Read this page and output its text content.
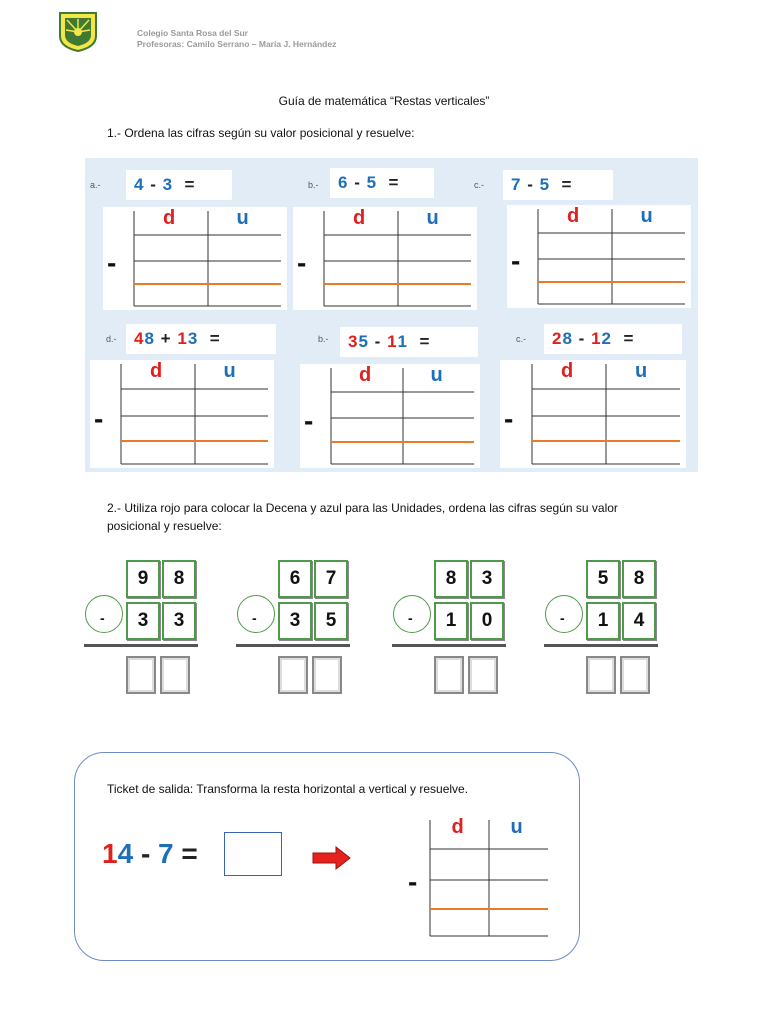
Colegio Santa Rosa del Sur
Profesoras: Camilo Serrano – María J. Hernández
Guía de matemática “Restas verticales”
1.- Ordena las cifras según su valor posicional y resuelve:
a.- 4
-
3
=	b.- 6
-
5
=	c.- 7
-
5
=
d.- 4 8
+
1 3
=	b.- 3 5
-
1 1
=	c.- 2 8
-
1 2
=
d	u
-
d	u
-
d	u
-
d	u
-
d	u
-
d	u
-
2.- Utiliza rojo para colocar la Decena y azul para las Unidades, ordena las cifras según su valor
posicional y resuelve:
9	8
-	3	3
6	7
-	3	5
8	3
-	1	0
5	8
-	1	4
Ticket de salida: Transforma la resta horizontal a vertical y resuelve.
14 - 7 =
d u
-
